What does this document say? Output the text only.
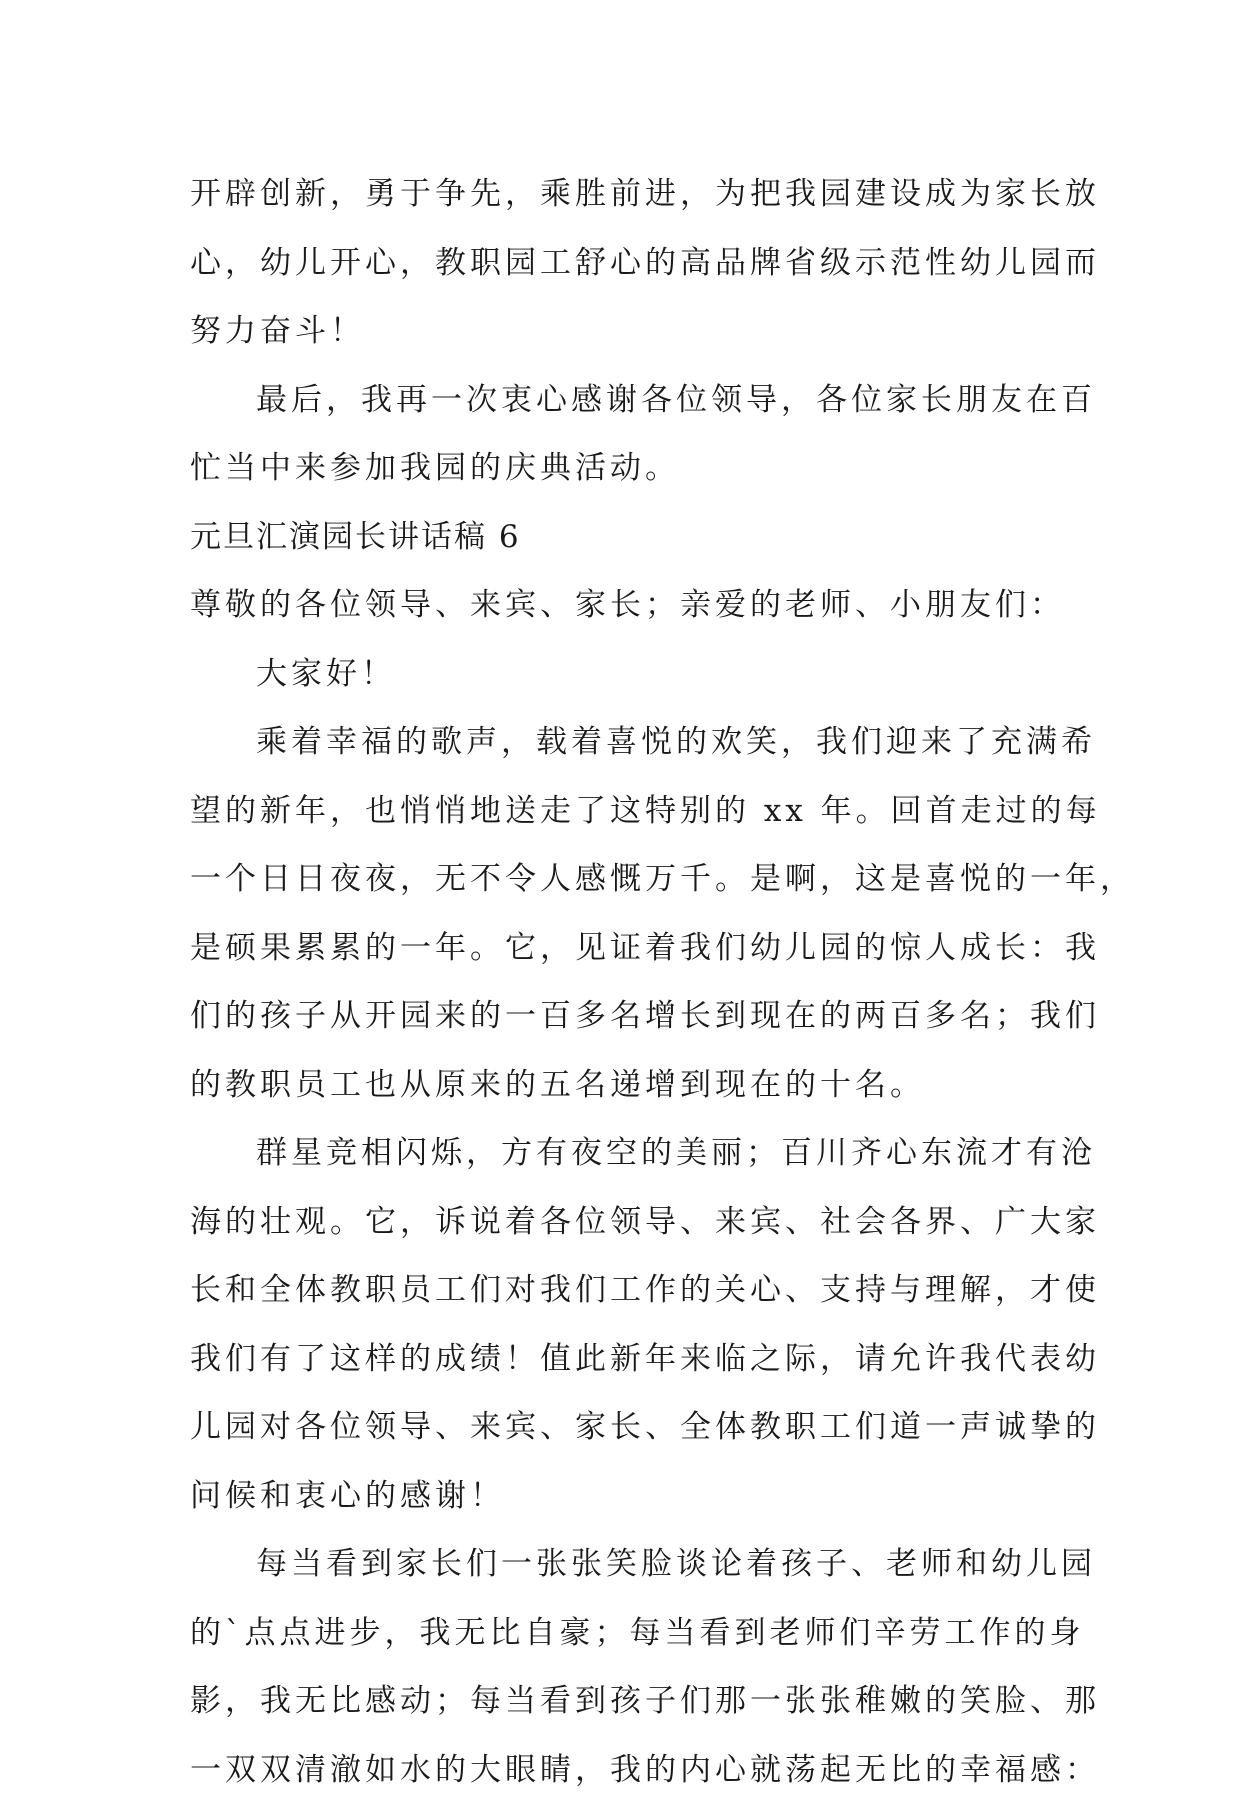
开辟创新，勇于争先，乘胜前进，为把我园建设成为家长放
心，幼儿开心，教职园工舒心的高品牌省级示范性幼儿园而
努力奋斗！
最后，我再一次衷心感谢各位领导，各位家长朋友在百
忙当中来参加我园的庆典活动。
元旦汇演园长讲话稿 6
尊敬的各位领导、来宾、家长；亲爱的老师、小朋友们：
大家好！
乘着幸福的歌声，载着喜悦的欢笑，我们迎来了充满希
望的新年，也悄悄地送走了这特别的 xx 年。回首走过的每
一个日日夜夜，无不令人感慨万千。是啊，这是喜悦的一年，
是硕果累累的一年。它，见证着我们幼儿园的惊人成长：我
们的孩子从开园来的一百多名增长到现在的两百多名；我们
的教职员工也从原来的五名递增到现在的十名。
群星竞相闪烁，方有夜空的美丽；百川齐心东流才有沧
海的壮观。它，诉说着各位领导、来宾、社会各界、广大家
长和全体教职员工们对我们工作的关心、支持与理解，才使
我们有了这样的成绩！值此新年来临之际，请允许我代表幼
儿园对各位领导、来宾、家长、全体教职工们道一声诚挚的
问候和衷心的感谢！
每当看到家长们一张张笑脸谈论着孩子、老师和幼儿园
的`点点进步，我无比自豪；每当看到老师们辛劳工作的身
影，我无比感动；每当看到孩子们那一张张稚嫩的笑脸、那
一双双清澈如水的大眼睛，我的内心就荡起无比的幸福感：
